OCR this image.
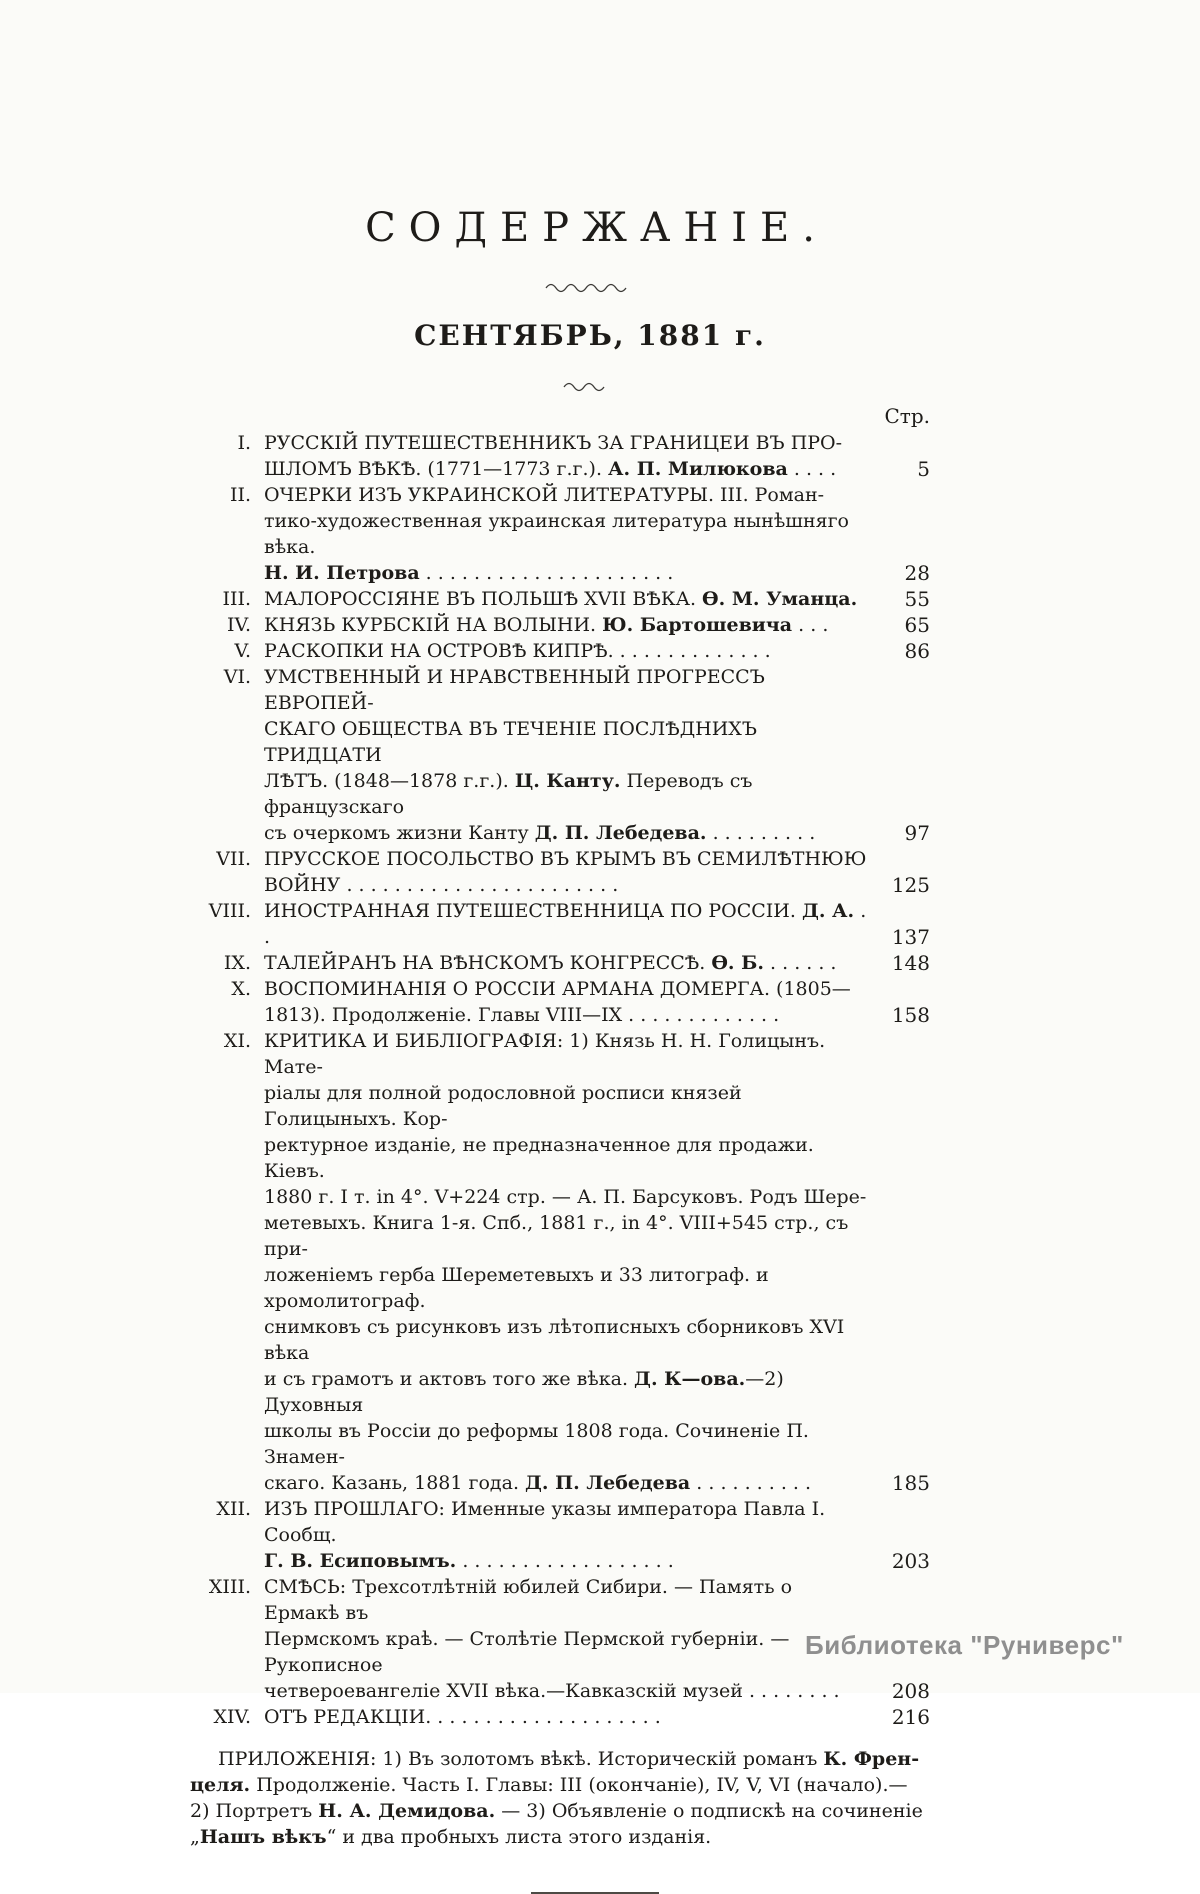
СОДЕРЖАНІЕ.
СЕНТЯБРЬ, 1881 г.
Стр.
I. РУССКІЙ ПУТЕШЕСТВЕННИКЪ ЗА ГРАНИЦЕИ ВЪ ПРО-
ШЛОМЪ ВѢКѢ. (1771—1773 г.г.). А. П. Милюкова . . . .	5
II. ОЧЕРКИ ИЗЪ УКРАИНСКОЙ ЛИТЕРАТУРЫ. III. Роман-
тико-художественная украинская литература нынѣшняго вѣка.
Н. И. Петрова . . . . . . . . . . . . . . . . . . . . .	28
III. МАЛОРОССІЯНЕ ВЪ ПОЛЬШѢ XVII ВѢКА. Ѳ. М. Уманца.	55
IV. КНЯЗЬ КУРБСКІЙ НА ВОЛЫНИ. Ю. Бартошевича . . .	65
V. РАСКОПКИ НА ОСТРОВѢ КИПРѢ. . . . . . . . . . . . . .	86
VI. УМСТВЕННЫЙ И НРАВСТВЕННЫЙ ПРОГРЕССЪ ЕВРОПЕЙ-
СКАГО ОБЩЕСТВА ВЪ ТЕЧЕНІЕ ПОСЛѢДНИХЪ ТРИДЦАТИ
ЛѢТЪ. (1848—1878 г.г.). Ц. Канту. Переводъ съ французскаго
съ очеркомъ жизни Канту Д. П. Лебедева. . . . . . . . . .	97
VII. ПРУССКОЕ ПОСОЛЬСТВО ВЪ КРЫМЪ ВЪ СЕМИЛѢТНЮЮ
ВОЙНУ . . . . . . . . . . . . . . . . . . . . . . .	125
VIII. ИНОСТРАННАЯ ПУТЕШЕСТВЕННИЦА ПО РОССІИ. Д. А. . .	137
IX. ТАЛЕЙРАНЪ НА ВѢНСКОМЪ КОНГРЕССѢ. Ѳ. Б. . . . . . .	148
X. ВОСПОМИНАНІЯ О РОССІИ АРМАНА ДОМЕРГА. (1805—
1813). Продолженіе. Главы VIII—IX . . . . . . . . . . . . .	158
XI. КРИТИКА И БИБЛІОГРАФІЯ: 1) Князь Н. Н. Голицынъ. Мате-
ріалы для полной родословной росписи князей Голицыныхъ. Кор-
ректурное изданіе, не предназначенное для продажи. Кіевъ.
1880 г. I т. in 4°. V+224 стр. — А. П. Барсуковъ. Родъ Шере-
метевыхъ. Книга 1-я. Спб., 1881 г., in 4°. VIII+545 стр., съ при-
ложеніемъ герба Шереметевыхъ и 33 литограф. и хромолитограф.
снимковъ съ рисунковъ изъ лѣтописныхъ сборниковъ XVI вѣка
и съ грамотъ и актовъ того же вѣка. Д. К—ова.—2) Духовныя
школы въ Россіи до реформы 1808 года. Сочиненіе П. Знамен-
скаго. Казань, 1881 года. Д. П. Лебедева . . . . . . . . . .	185
XII. ИЗЪ ПРОШЛАГО: Именные указы императора Павла I. Сообщ.
Г. В. Есиповымъ. . . . . . . . . . . . . . . . . . .	203
XIII. СМѢСЬ: Трехсотлѣтній юбилей Сибири. — Память о Ермакѣ въ
Пермскомъ краѣ. — Столѣтіе Пермской губерніи. — Рукописное
четвероевангеліе XVII вѣка.—Кавказскій музей . . . . . . . .	208
XIV. ОТЪ РЕДАКЦІИ. . . . . . . . . . . . . . . . . . . .	216

ПРИЛОЖЕНІЯ: 1) Въ золотомъ вѣкѣ. Историческій романъ К. Френ-
целя. Продолженіе. Часть I. Главы: III (окончаніе), IV, V, VI (начало).—
2) Портретъ Н. А. Демидова. — 3) Объявленіе о подпискѣ на сочиненіе
„Нашъ вѣкъ“ и два пробныхъ листа этого изданія.

Библиотека "Руниверс"
